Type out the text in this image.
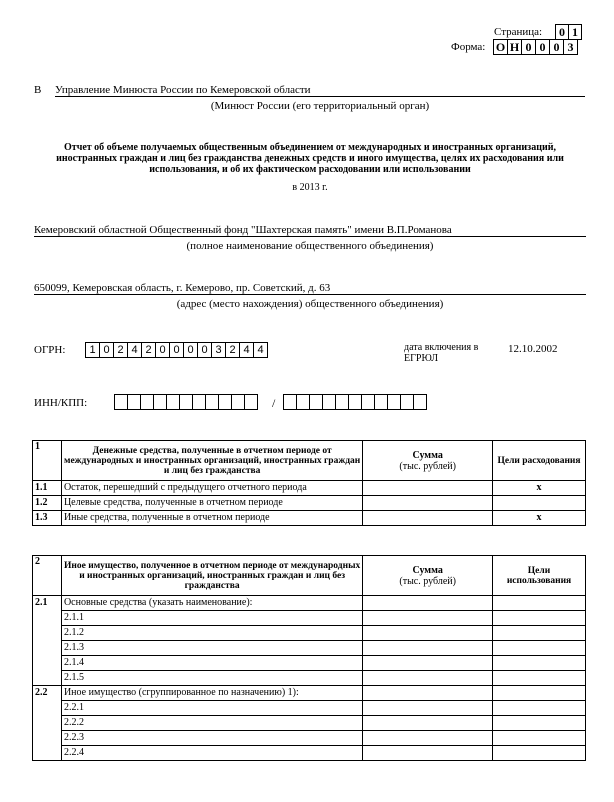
Страница:	0 1
Форма: О Н 0 0 0 3
В Управление Минюста России по Кемеровской области
(Минюст России (его территориальный орган)
Отчет об объеме получаемых общественным объединением от международных и иностранных организаций, иностранных граждан и лиц без гражданства денежных средств и иного имущества, целях их расходования или использования, и об их фактическом расходовании или использовании
в 2013 г.
Кемеровский областной Общественный фонд "Шахтерская память" имени В.П.Романова
(полное наименование общественного объединения)
650099, Кемеровская область, г. Кемерово, пр. Советский, д. 63
(адрес (место нахождения) общественного объединения)
ОГРН:	1 0 2 4 2 0 0 0 0 3 2 4 4	дата включения в ЕГРЮЛ
12.10.2002
ИНН/КПП:	/
1	Денежные средства, полученные в отчетном периоде от международных и иностранных организаций, иностранных граждан и лиц без гражданства	Сумма
(тыс. рублей)	Цели расходования
1.1	Остаток, перешедший с предыдущего отчетного периода		x
1.2	Целевые средства, полученные в отчетном периоде		
1.3	Иные средства, полученные в отчетном периоде		x
2	Иное имущество, полученное в отчетном периоде от международных и иностранных организаций, иностранных граждан и лиц без гражданства	Сумма
(тыс. рублей)	Цели использования
2.1	Основные средства (указать наименование):		
	2.1.1		
	2.1.2		
	2.1.3		
	2.1.4		
	2.1.5		
2.2	Иное имущество (сгруппированное по назначению) 1):		
	2.2.1		
	2.2.2		
	2.2.3		
	2.2.4		
